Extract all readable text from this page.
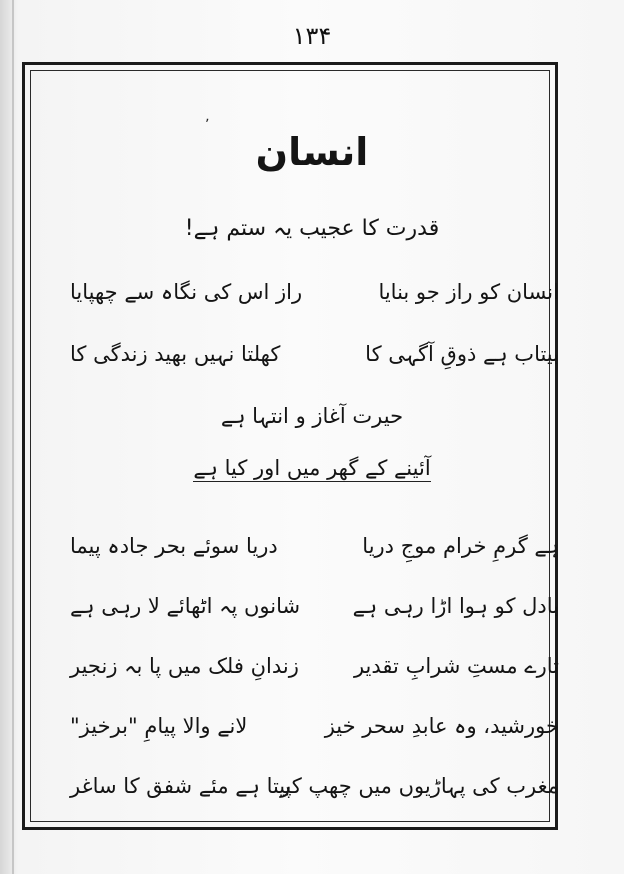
۱۳۴
ʼ
انسان
قدرت کا عجیب یہ ستم ہے!
انسان کو راز جو بنایا
راز اس کی نگاہ سے چھپایا
بیتاب ہے ذوقِ آگہی کا
کھلتا نہیں بھید زندگی کا
حیرت آغاز و انتہا ہے
آئینے کے گھر میں اور کیا ہے
ہے گرمِ خرام موجِ دریا
دریا سوئے بحر جادہ پیما
بادل کو ہوا اڑا رہی ہے
شانوں پہ اٹھائے لا رہی ہے
تارے مستِ شرابِ تقدیر
زندانِ فلک میں پا بہ زنجیر
خورشید، وہ عابدِ سحر خیز
لانے والا پیامِ "برخیز"
مغرب کی پہاڑیوں میں چھپ کر
پیتا ہے مئے شفق کا ساغر
